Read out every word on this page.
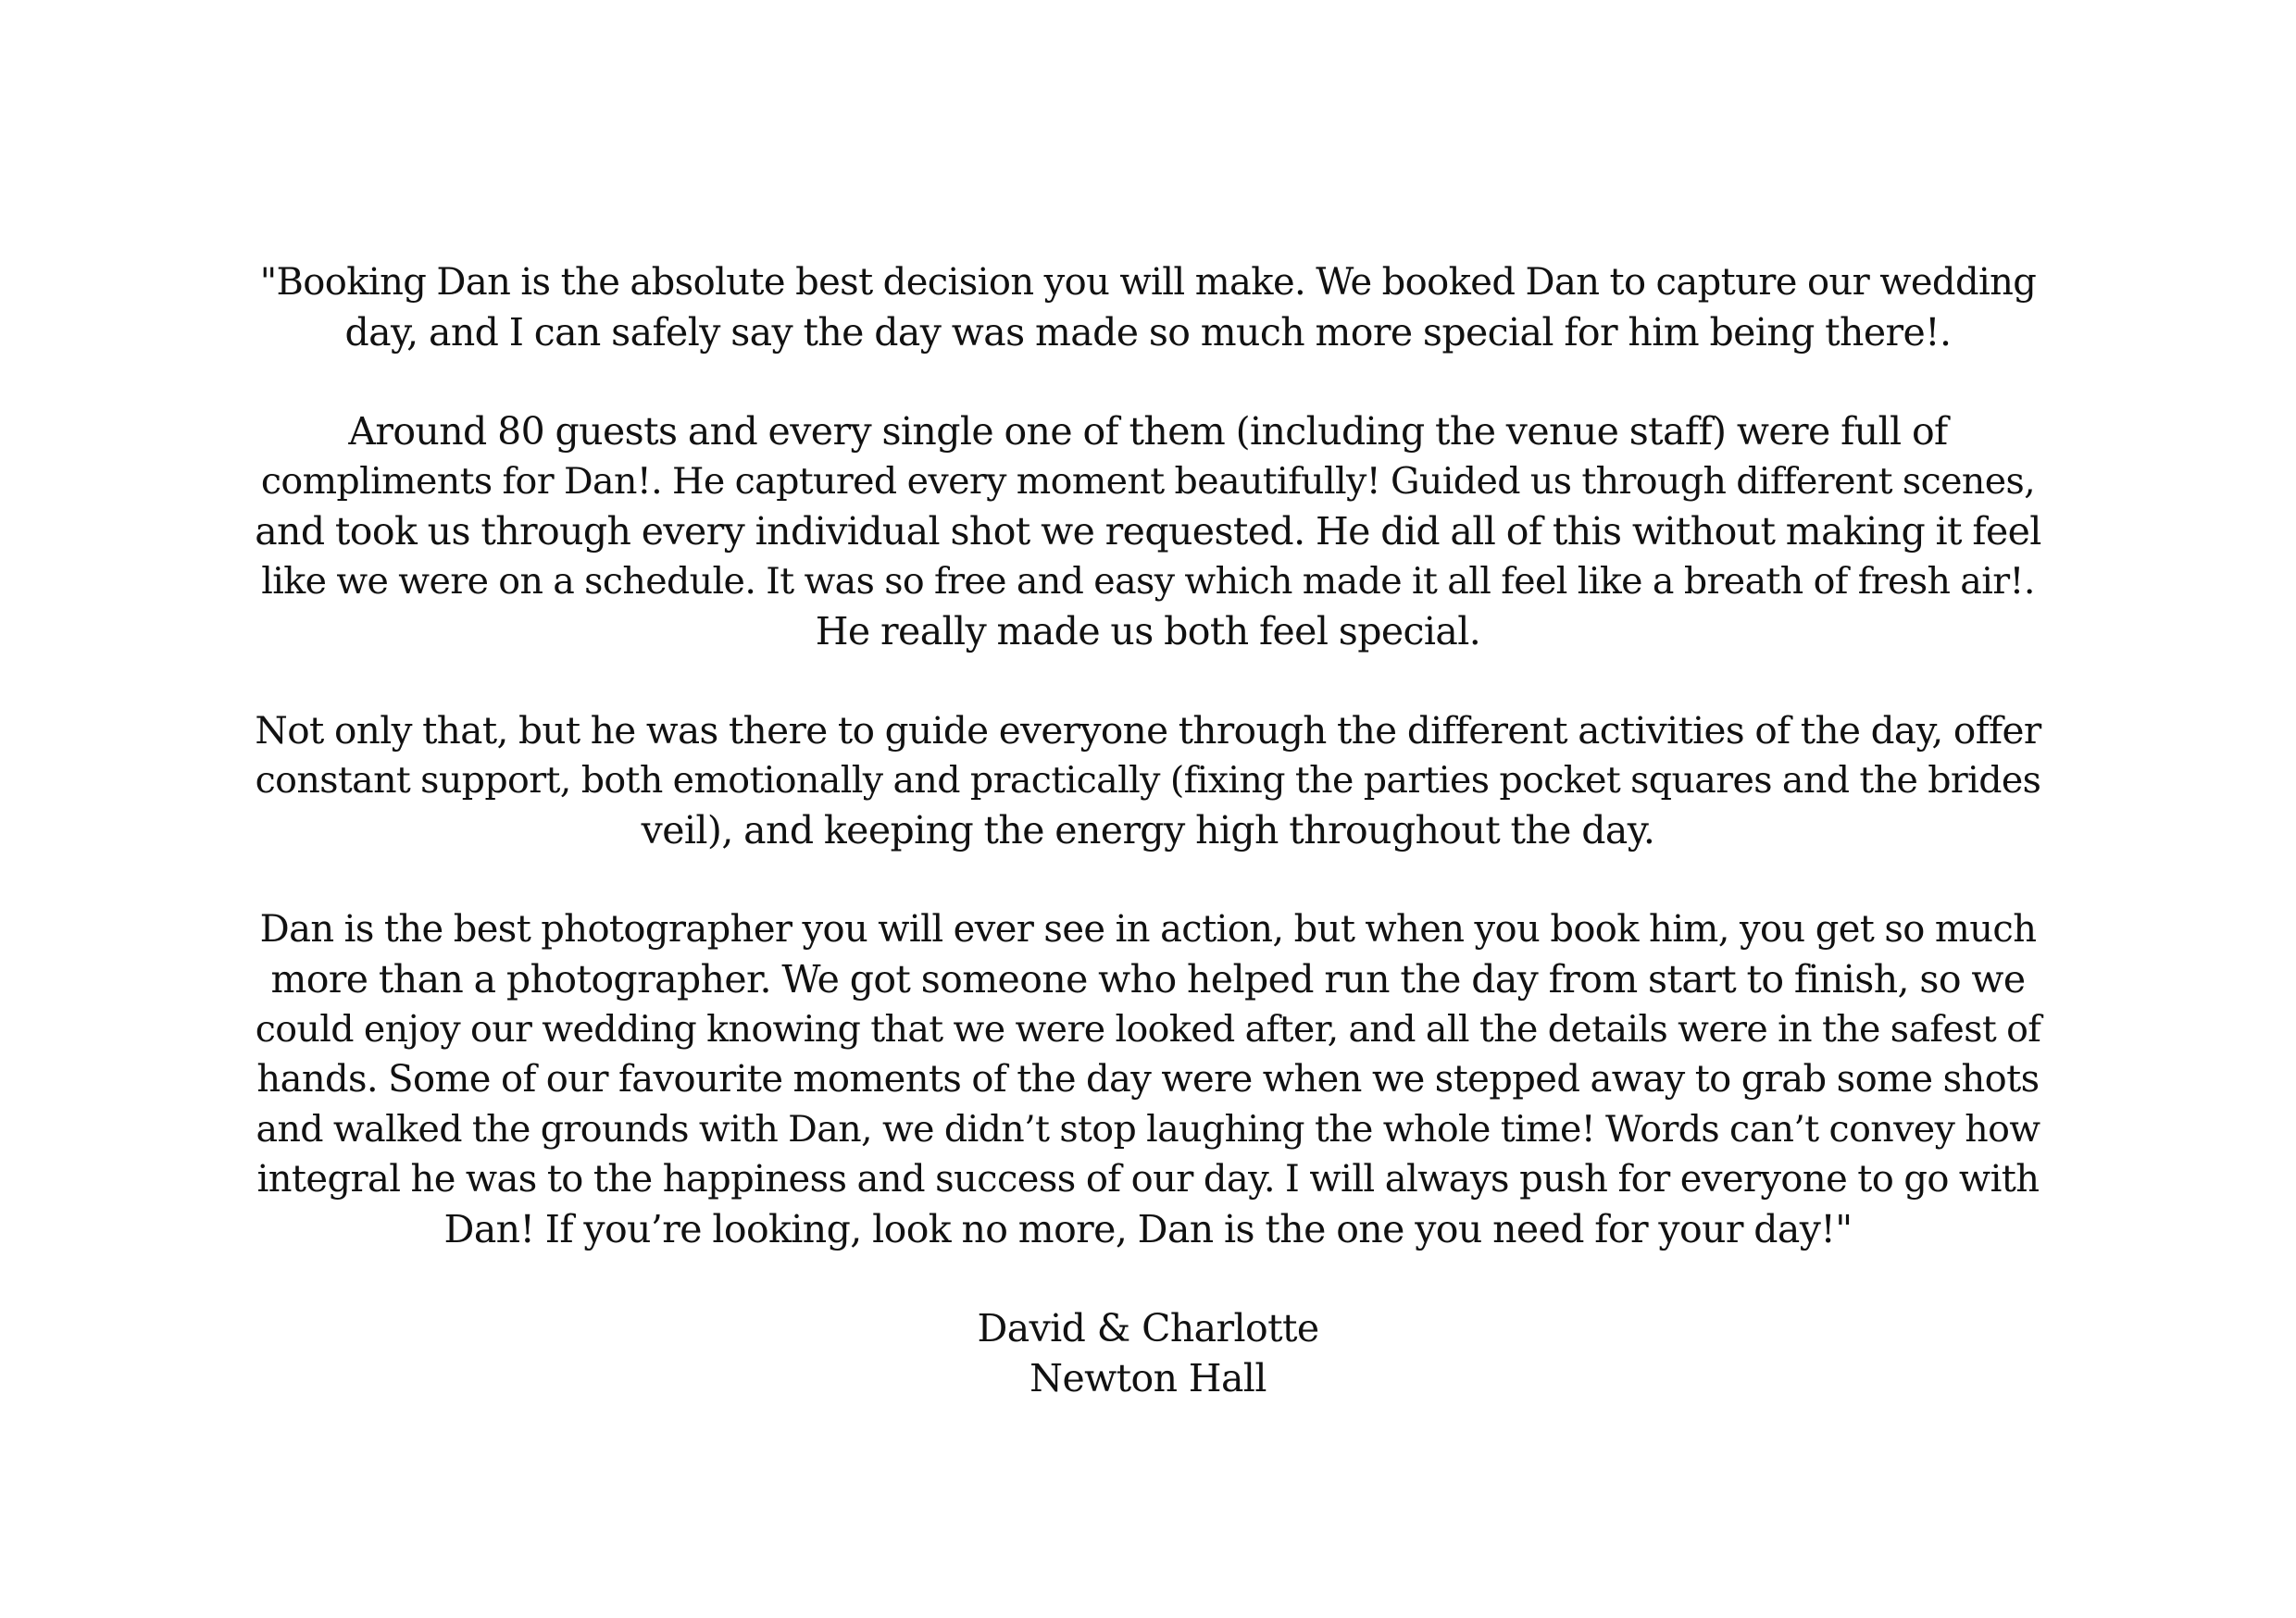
"Booking Dan is the absolute best decision you will make. We booked Dan to capture our wedding
day, and I can safely say the day was made so much more special for him being there!.

Around 80 guests and every single one of them (including the venue staff) were full of
compliments for Dan!. He captured every moment beautifully! Guided us through different scenes,
and took us through every individual shot we requested. He did all of this without making it feel
like we were on a schedule. It was so free and easy which made it all feel like a breath of fresh air!.
He really made us both feel special.

Not only that, but he was there to guide everyone through the different activities of the day, offer
constant support, both emotionally and practically (fixing the parties pocket squares and the brides
veil), and keeping the energy high throughout the day.

Dan is the best photographer you will ever see in action, but when you book him, you get so much
more than a photographer. We got someone who helped run the day from start to finish, so we
could enjoy our wedding knowing that we were looked after, and all the details were in the safest of
hands. Some of our favourite moments of the day were when we stepped away to grab some shots
and walked the grounds with Dan, we didn’t stop laughing the whole time! Words can’t convey how
integral he was to the happiness and success of our day. I will always push for everyone to go with
Dan! If you’re looking, look no more, Dan is the one you need for your day!"

David & Charlotte
Newton Hall
